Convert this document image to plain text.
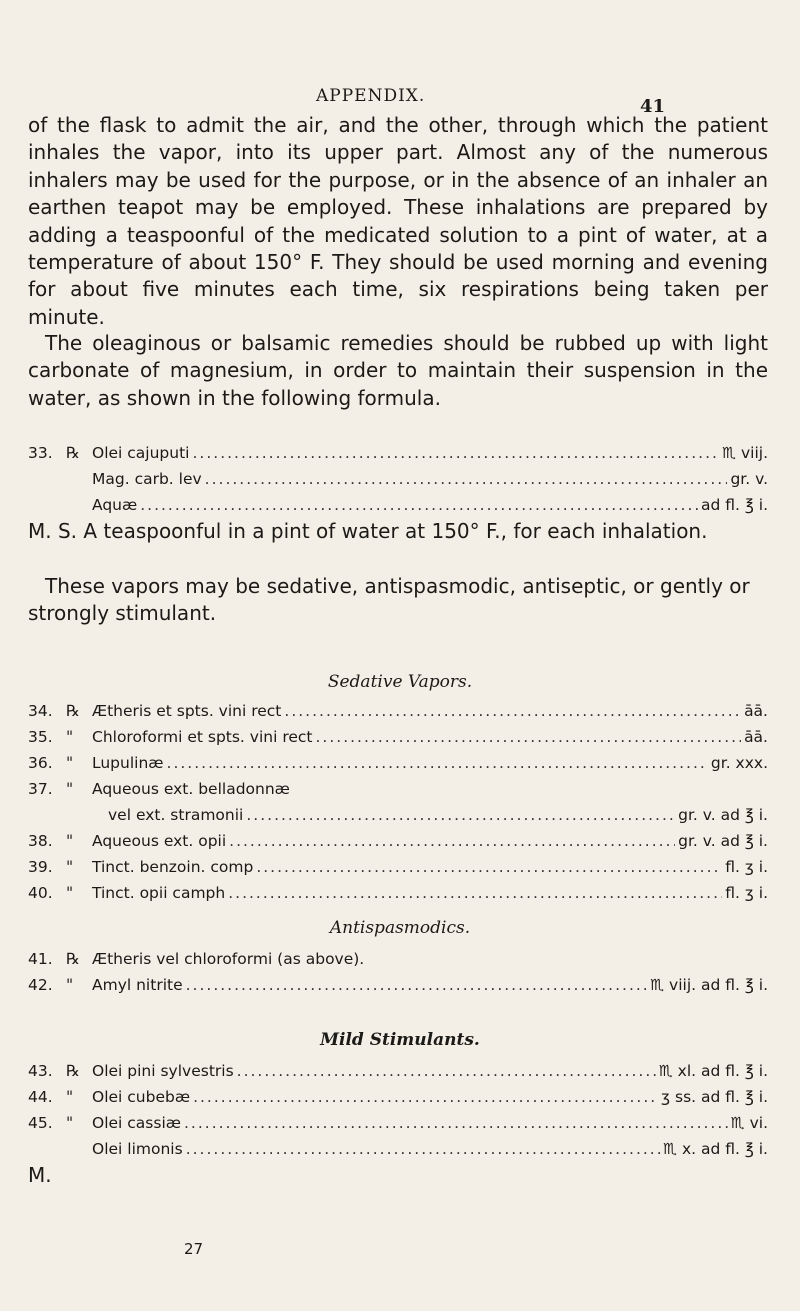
APPENDIX.	41

of the flask to admit the air, and the other, through which the patient inhales the vapor, into its upper part. Almost any of the numerous inhalers may be used for the purpose, or in the absence of an inhaler an earthen teapot may be employed. These inhalations are prepared by adding a teaspoonful of the medicated solution to a pint of water, at a temperature of about 150° F. They should be used morning and evening for about five minutes each time, six respirations being taken per minute.

The oleaginous or balsamic remedies should be rubbed up with light carbonate of magnesium, in order to maintain their suspension in the water, as shown in the following formula.

33. ℞ Olei cajuputi .....	♏ viij.
Mag. carb. lev .....	gr. v.
Aquæ .....	ad fl. ℥ i.

M. S. A teaspoonful in a pint of water at 150° F., for each inhalation.

These vapors may be sedative, antispasmodic, antiseptic, or gently or strongly stimulant.

Sedative Vapors.
34. ℞ Ætheris et spts. vini rect .....	āā.
35. "	Chloroformi et spts. vini rect .....	āā.
36. "	Lupulinæ .....	gr. xxx.
37. "	Aqueous ext. belladonnæ
vel ext. stramonii .....	gr. v. ad ℥ i.
38. "	Aqueous ext. opii .....	gr. v. ad ℥ i.
39. "	Tinct. benzoin. comp .....	fl. ʒ i.
40. "	Tinct. opii camph .....	fl. ʒ i.
Antispasmodics.
41. ℞ Ætheris vel chloroformi (as above).
42. "	Amyl nitrite .....	♏ viij. ad fl. ℥ i.
Mild Stimulants.
43. ℞ Olei pini sylvestris .....	♏ xl. ad fl. ℥ i.
44. "	Olei cubebæ .....	ʒ ss. ad fl. ℥ i.
45. "	Olei cassiæ .....	♏ vi.
Olei limonis .....	♏ x. ad fl. ℥ i.
M.
27
